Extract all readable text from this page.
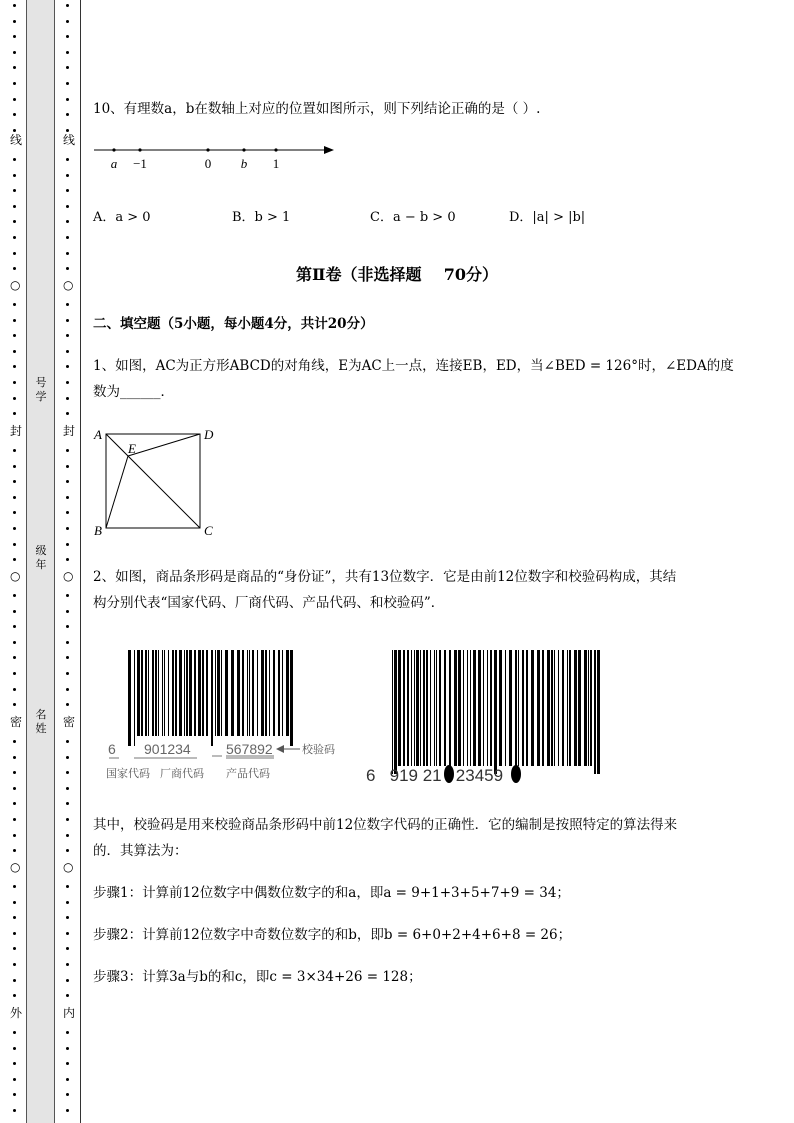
线
○
封
○
密
○
外
线
○
封
○
密
○
内
号学
级年
名姓
10、有理数a，b在数轴上对应的位置如图所示，则下列结论正确的是（ ）.
a −1	0 b 1
A．a > 0	B．b > 1	C．a − b > 0	D．|a| > |b|
第Ⅱ卷（非选择题    70分）
二、填空题（5小题，每小题4分，共计20分）
1、如图，AC为正方形ABCD的对角线，E为AC上一点，连接EB，ED，当∠BED = 126°时，∠EDA的度
数为______．
A	D
E
B	C
2、如图，商品条形码是商品的“身份证”，共有13位数字．它是由前12位数字和校验码构成，其结
构分别代表“国家代码、厂商代码、产品代码、和校验码”．
6 901234	567892	校验码
国家代码 厂商代码 产品代码	6   919 21   23459
其中，校验码是用来校验商品条形码中前12位数字代码的正确性．它的编制是按照特定的算法得来
的．其算法为：
步骤1：计算前12位数字中偶数位数字的和a，即a = 9+1+3+5+7+9 = 34；
步骤2：计算前12位数字中奇数位数字的和b，即b = 6+0+2+4+6+8 = 26；
步骤3：计算3a与b的和c，即c = 3×34+26 = 128；
